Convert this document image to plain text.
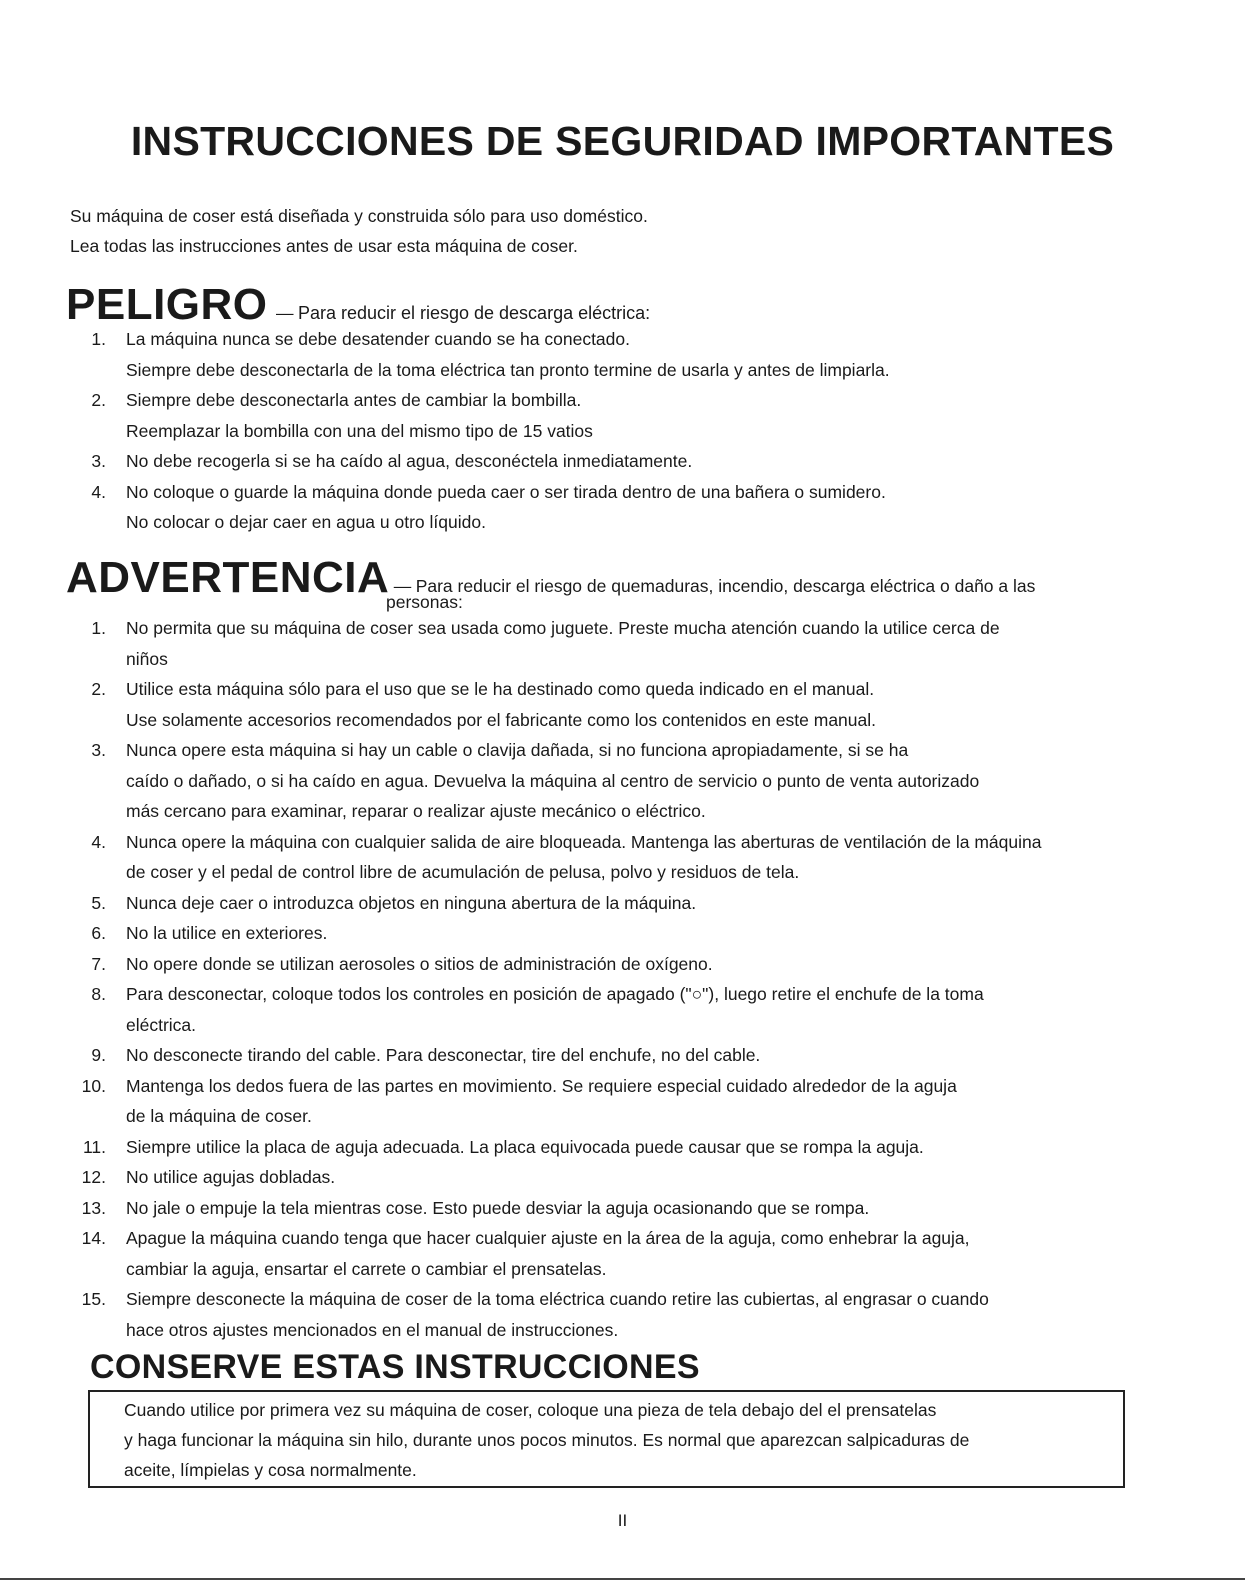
INSTRUCCIONES DE SEGURIDAD IMPORTANTES
Su máquina de coser está diseñada y construida sólo para uso doméstico.
Lea todas las instrucciones antes de usar esta máquina de coser.
PELIGRO — Para reducir el riesgo de descarga eléctrica:
1. La máquina nunca se debe desatender cuando se ha conectado.
Siempre debe desconectarla de la toma eléctrica tan pronto termine de usarla y antes de limpiarla.
2. Siempre debe desconectarla antes de cambiar la bombilla.
Reemplazar la bombilla con una del mismo tipo de 15 vatios
3. No debe recogerla si se ha caído al agua, desconéctela inmediatamente.
4. No coloque o guarde la máquina donde pueda caer o ser tirada dentro de una bañera o sumidero.
No colocar o dejar caer en agua u otro líquido.
ADVERTENCIA — Para reducir el riesgo de quemaduras, incendio, descarga eléctrica o daño a las
personas:
1. No permita que su máquina de coser sea usada como juguete. Preste mucha atención cuando la utilice cerca de
niños
2. Utilice esta máquina sólo para el uso que se le ha destinado como queda indicado en el manual.
Use solamente accesorios recomendados por el fabricante como los contenidos en este manual.
3. Nunca opere esta máquina si hay un cable o clavija dañada, si no funciona apropiadamente, si se ha
caído o dañado, o si ha caído en agua. Devuelva la máquina al centro de servicio o punto de venta autorizado
más cercano para examinar, reparar o realizar ajuste mecánico o eléctrico.
4. Nunca opere la máquina con cualquier salida de aire bloqueada. Mantenga las aberturas de ventilación de la máquina
de coser y el pedal de control libre de acumulación de pelusa, polvo y residuos de tela.
5. Nunca deje caer o introduzca objetos en ninguna abertura de la máquina.
6. No la utilice en exteriores.
7. No opere donde se utilizan aerosoles o sitios de administración de oxígeno.
8. Para desconectar, coloque todos los controles en posición de apagado ("○"), luego retire el enchufe de la toma
eléctrica.
9. No desconecte tirando del cable. Para desconectar, tire del enchufe, no del cable.
10. Mantenga los dedos fuera de las partes en movimiento. Se requiere especial cuidado alrededor de la aguja
de la máquina de coser.
11. Siempre utilice la placa de aguja adecuada. La placa equivocada puede causar que se rompa la aguja.
12. No utilice agujas dobladas.
13. No jale o empuje la tela mientras cose. Esto puede desviar la aguja ocasionando que se rompa.
14. Apague la máquina cuando tenga que hacer cualquier ajuste en la área de la aguja, como enhebrar la aguja,
cambiar la aguja, ensartar el carrete o cambiar el prensatelas.
15. Siempre desconecte la máquina de coser de la toma eléctrica cuando retire las cubiertas, al engrasar o cuando
hace otros ajustes mencionados en el manual de instrucciones.
CONSERVE ESTAS INSTRUCCIONES
Cuando utilice por primera vez su máquina de coser, coloque una pieza de tela debajo del el prensatelas
y haga funcionar la máquina sin hilo, durante unos pocos minutos. Es normal que aparezcan salpicaduras de
aceite, límpielas y cosa normalmente.
II
